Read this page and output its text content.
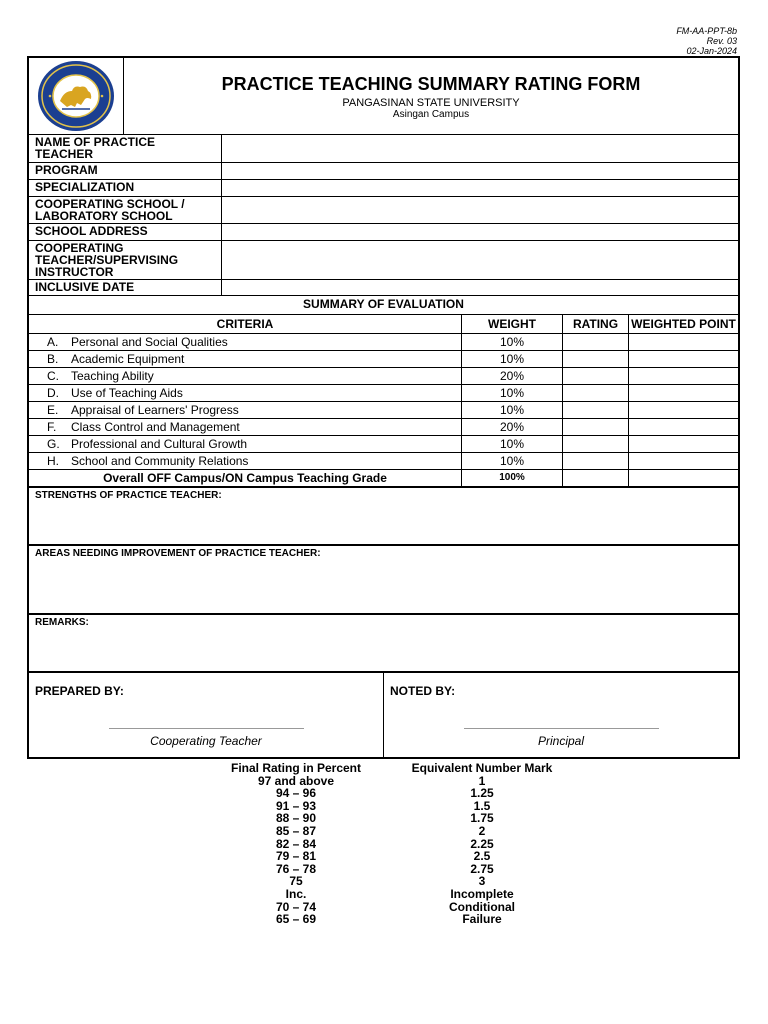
FM-AA-PPT-8b
Rev. 03
02-Jan-2024
PRACTICE TEACHING SUMMARY RATING FORM
PANGASINAN STATE UNIVERSITY
Asingan Campus
NAME OF PRACTICE TEACHER	
PROGRAM	
SPECIALIZATION	
COOPERATING SCHOOL / LABORATORY SCHOOL	
SCHOOL ADDRESS	
COOPERATING TEACHER/SUPERVISING INSTRUCTOR	
INCLUSIVE DATE	
SUMMARY OF EVALUATION
CRITERIA	WEIGHT	RATING	WEIGHTED POINT
A. Personal and Social Qualities	10%		
B. Academic Equipment	10%		
C. Teaching Ability	20%		
D. Use of Teaching Aids	10%		
E. Appraisal of Learners' Progress	10%		
F. Class Control and Management	20%		
G. Professional and Cultural Growth	10%		
H. School and Community Relations	10%		
Overall OFF Campus/ON Campus Teaching Grade	100%		
STRENGTHS OF PRACTICE TEACHER:
AREAS NEEDING IMPROVEMENT OF PRACTICE TEACHER:
REMARKS:
PREPARED BY:
Cooperating Teacher
NOTED BY:
Principal
Final Rating in Percent	Equivalent Number Mark
97 and above	1
94 – 96	1.25
91 – 93	1.5
88 – 90	1.75
85 – 87	2
82 – 84	2.25
79 – 81	2.5
76 – 78	2.75
75	3
Inc.	Incomplete
70 – 74	Conditional
65 – 69	Failure
